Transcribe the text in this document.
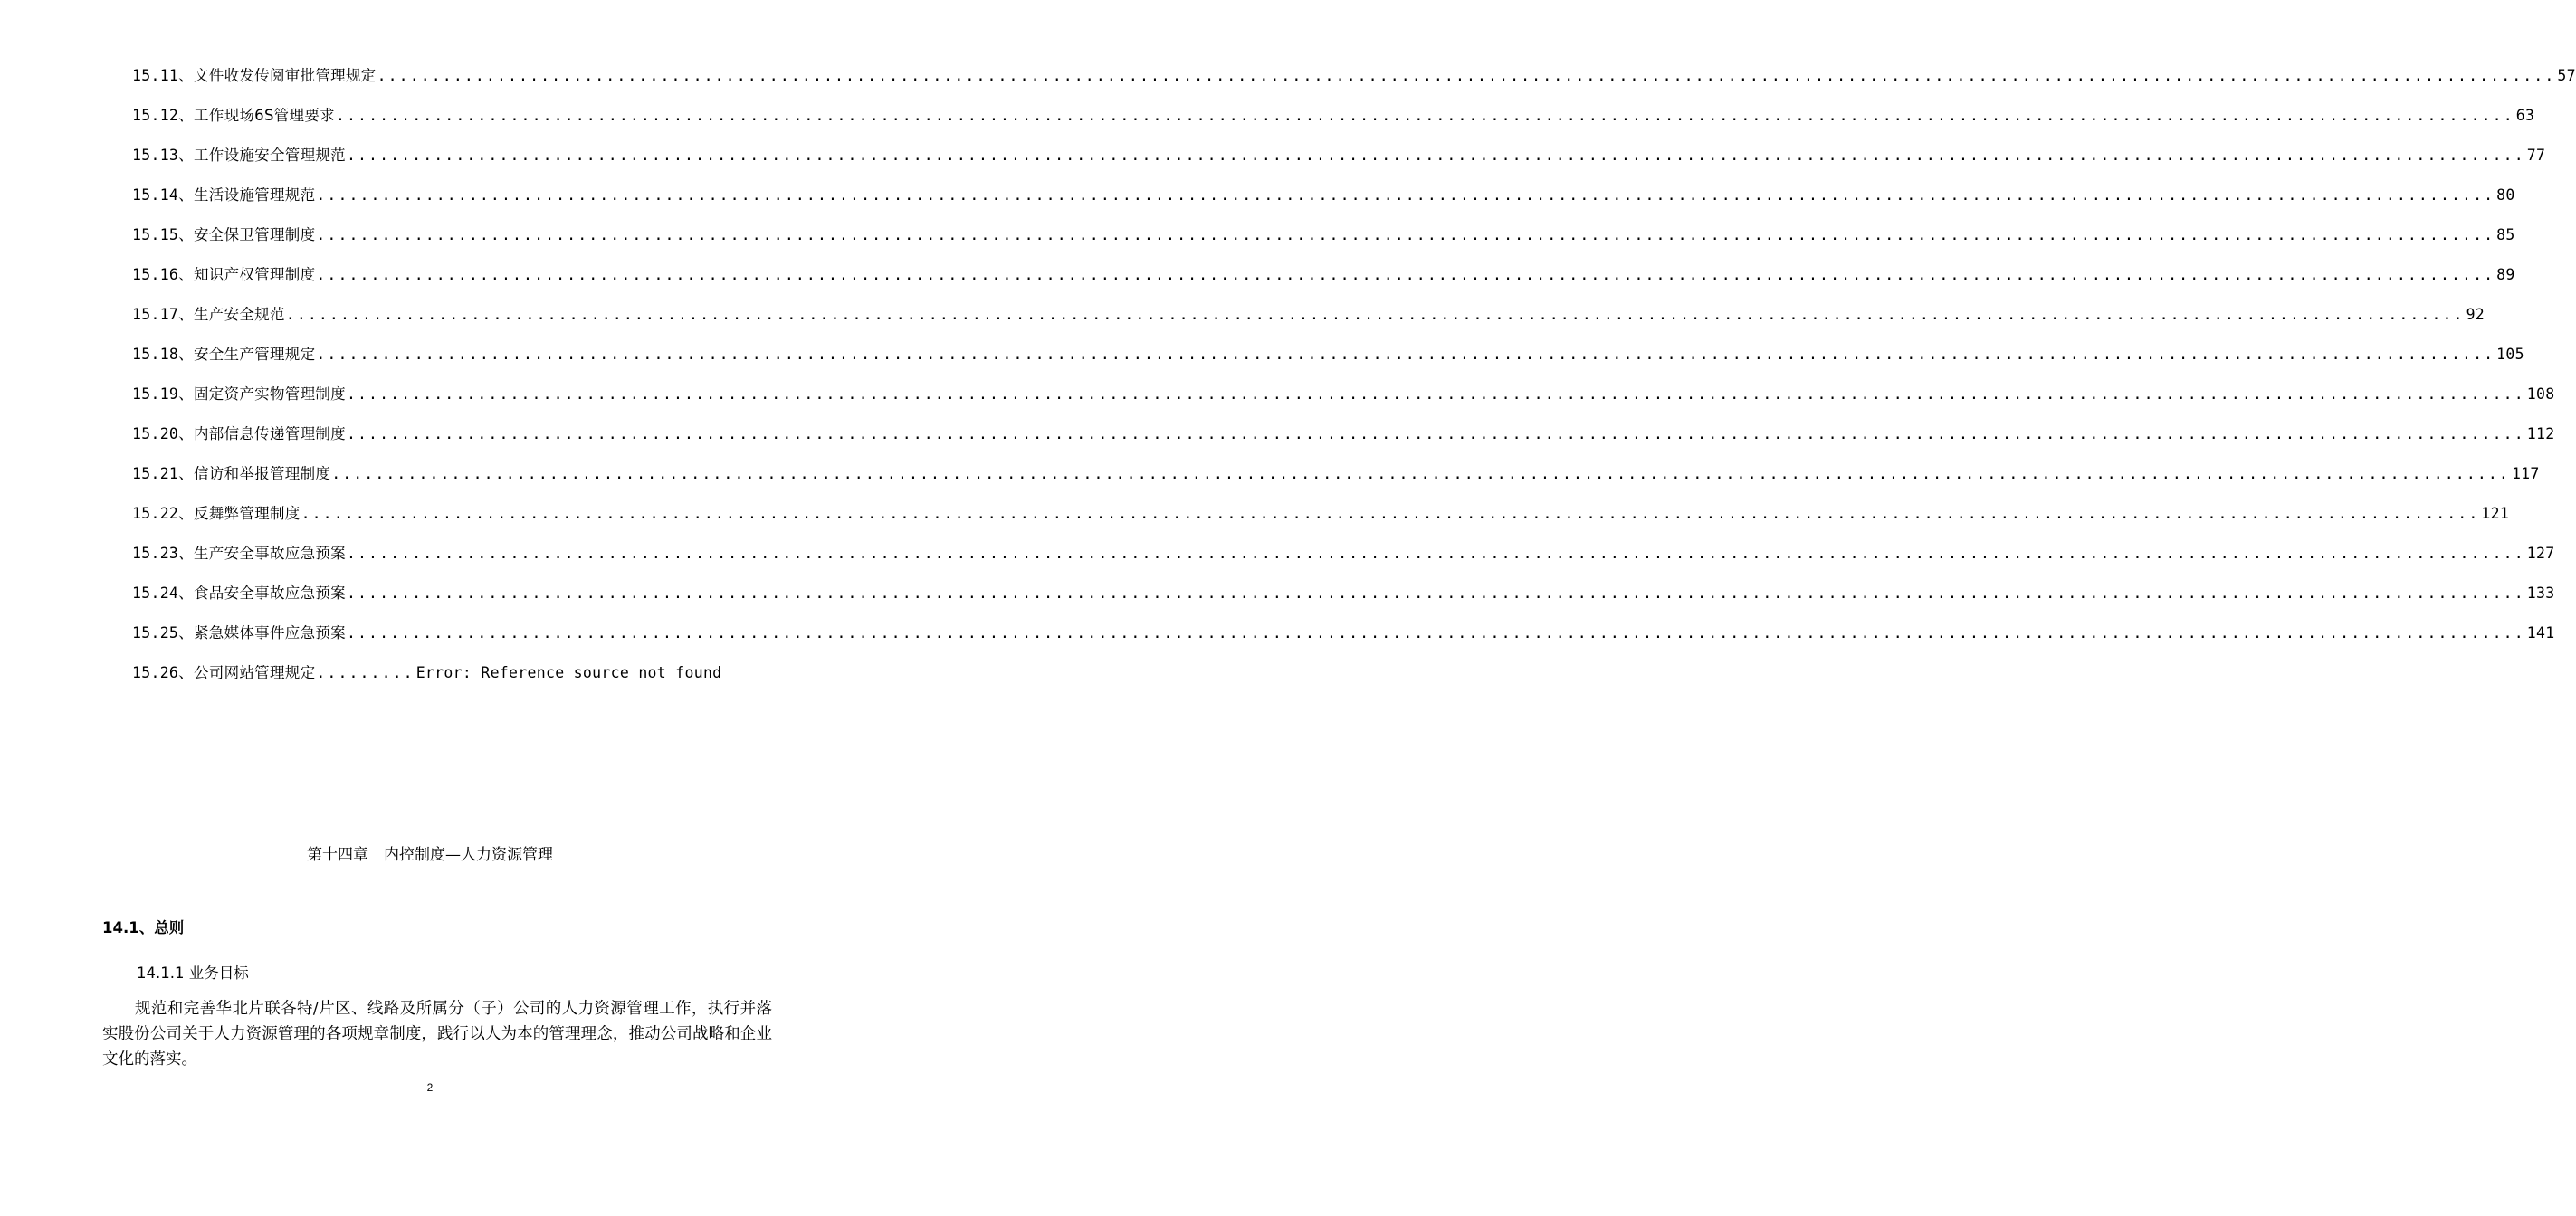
15.11、 文件收发传阅审批管理规定 ........................................................................................................................................................................................................ 57
15.12、 工作现场6S管理要求 ........................................................................................................................................................................................................ 63
15.13、 工作设施安全管理规范 ........................................................................................................................................................................................................ 77
15.14、 生活设施管理规范 ........................................................................................................................................................................................................ 80
15.15、 安全保卫管理制度 ........................................................................................................................................................................................................ 85
15.16、 知识产权管理制度 ........................................................................................................................................................................................................ 89
15.17、 生产安全规范 ........................................................................................................................................................................................................ 92
15.18、 安全生产管理规定 ........................................................................................................................................................................................................ 105
15.19、 固定资产实物管理制度 ........................................................................................................................................................................................................ 108
15.20、 内部信息传递管理制度 ........................................................................................................................................................................................................ 112
15.21、 信访和举报管理制度 ........................................................................................................................................................................................................ 117
15.22、 反舞弊管理制度 ........................................................................................................................................................................................................ 121
15.23、 生产安全事故应急预案 ........................................................................................................................................................................................................ 127
15.24、 食品安全事故应急预案 ........................................................................................................................................................................................................ 133
15.25、 紧急媒体事件应急预案 ........................................................................................................................................................................................................ 141
15.26、 公司网站管理规定 ......... Error: Reference source not found
第十四章　内控制度—人力资源管理
14.1、总则
14.1.1 业务目标
规范和完善华北片联各特/片区、线路及所属分（子）公司的人力资源管理工作，执行并落实股份公司关于人力资源管理的各项规章制度，践行以人为本的管理理念，推动公司战略和企业文化的落实。
2
